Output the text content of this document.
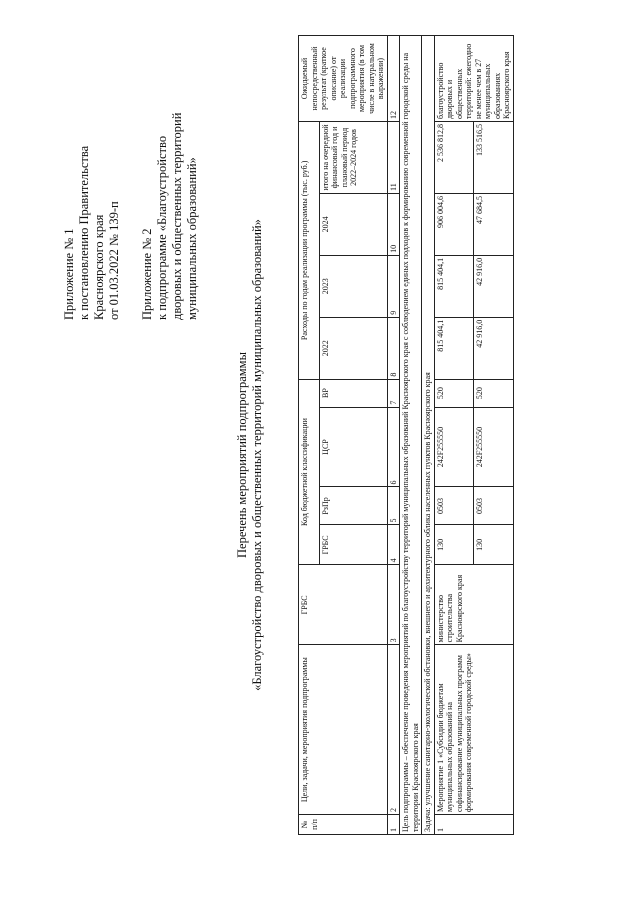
Приложение № 1 к постановлению Правительства Красноярского края от 01.03.2022 № 139-п Приложение № 2 к подпрограмме «Благоустройство дворовых и общественных территорий муниципальных образований»
Перечень мероприятий подпрограммы «Благоустройство дворовых и общественных территорий муниципальных образований»
№ п/п	Цели, задачи, мероприятия подпрограммы	ГРБС	Код бюджетной классификации				Расходы по годам реализации программы (тыс. руб.)				Ожидаемый непосредственный результат (краткое описание) от реализации подпрограммного мероприятия (в том числе в натуральном выражении)
			ГРБС	РзПр	ЦСР	ВР	2022	2023	2024	итого на очередной финансовый год и плановый период 2022–2024 годов	
1	2	3	4	5	6	7	8	9	10	11	12
Цель подпрограммы – обеспечение проведения мероприятий по благоустройству территорий муниципальных образований Красноярского края с соблюдением единых подходов к формированию современной городской среды на территории Красноярского края											
Задача: улучшение санитарно-экологической обстановки, внешнего и архитектурного облика населенных пунктов Красноярского края											
1	Мероприятие 1 «Субсидии бюджетам муниципальных образований на софинансирование муниципальных программ формирования современной городской среды»	министерство строительства Красноярского края	130	0503	242F255550	520	815 404,1	815 404,1	906 004,6	2 536 812,8	благоустройство дворовых и общественных территорий: ежегодно не менее чем в 27 муниципальных образованиях Красноярского края
			130	0503	242F255550	520	42 916,0	42 916,0	47 684,5	133 516,5	
